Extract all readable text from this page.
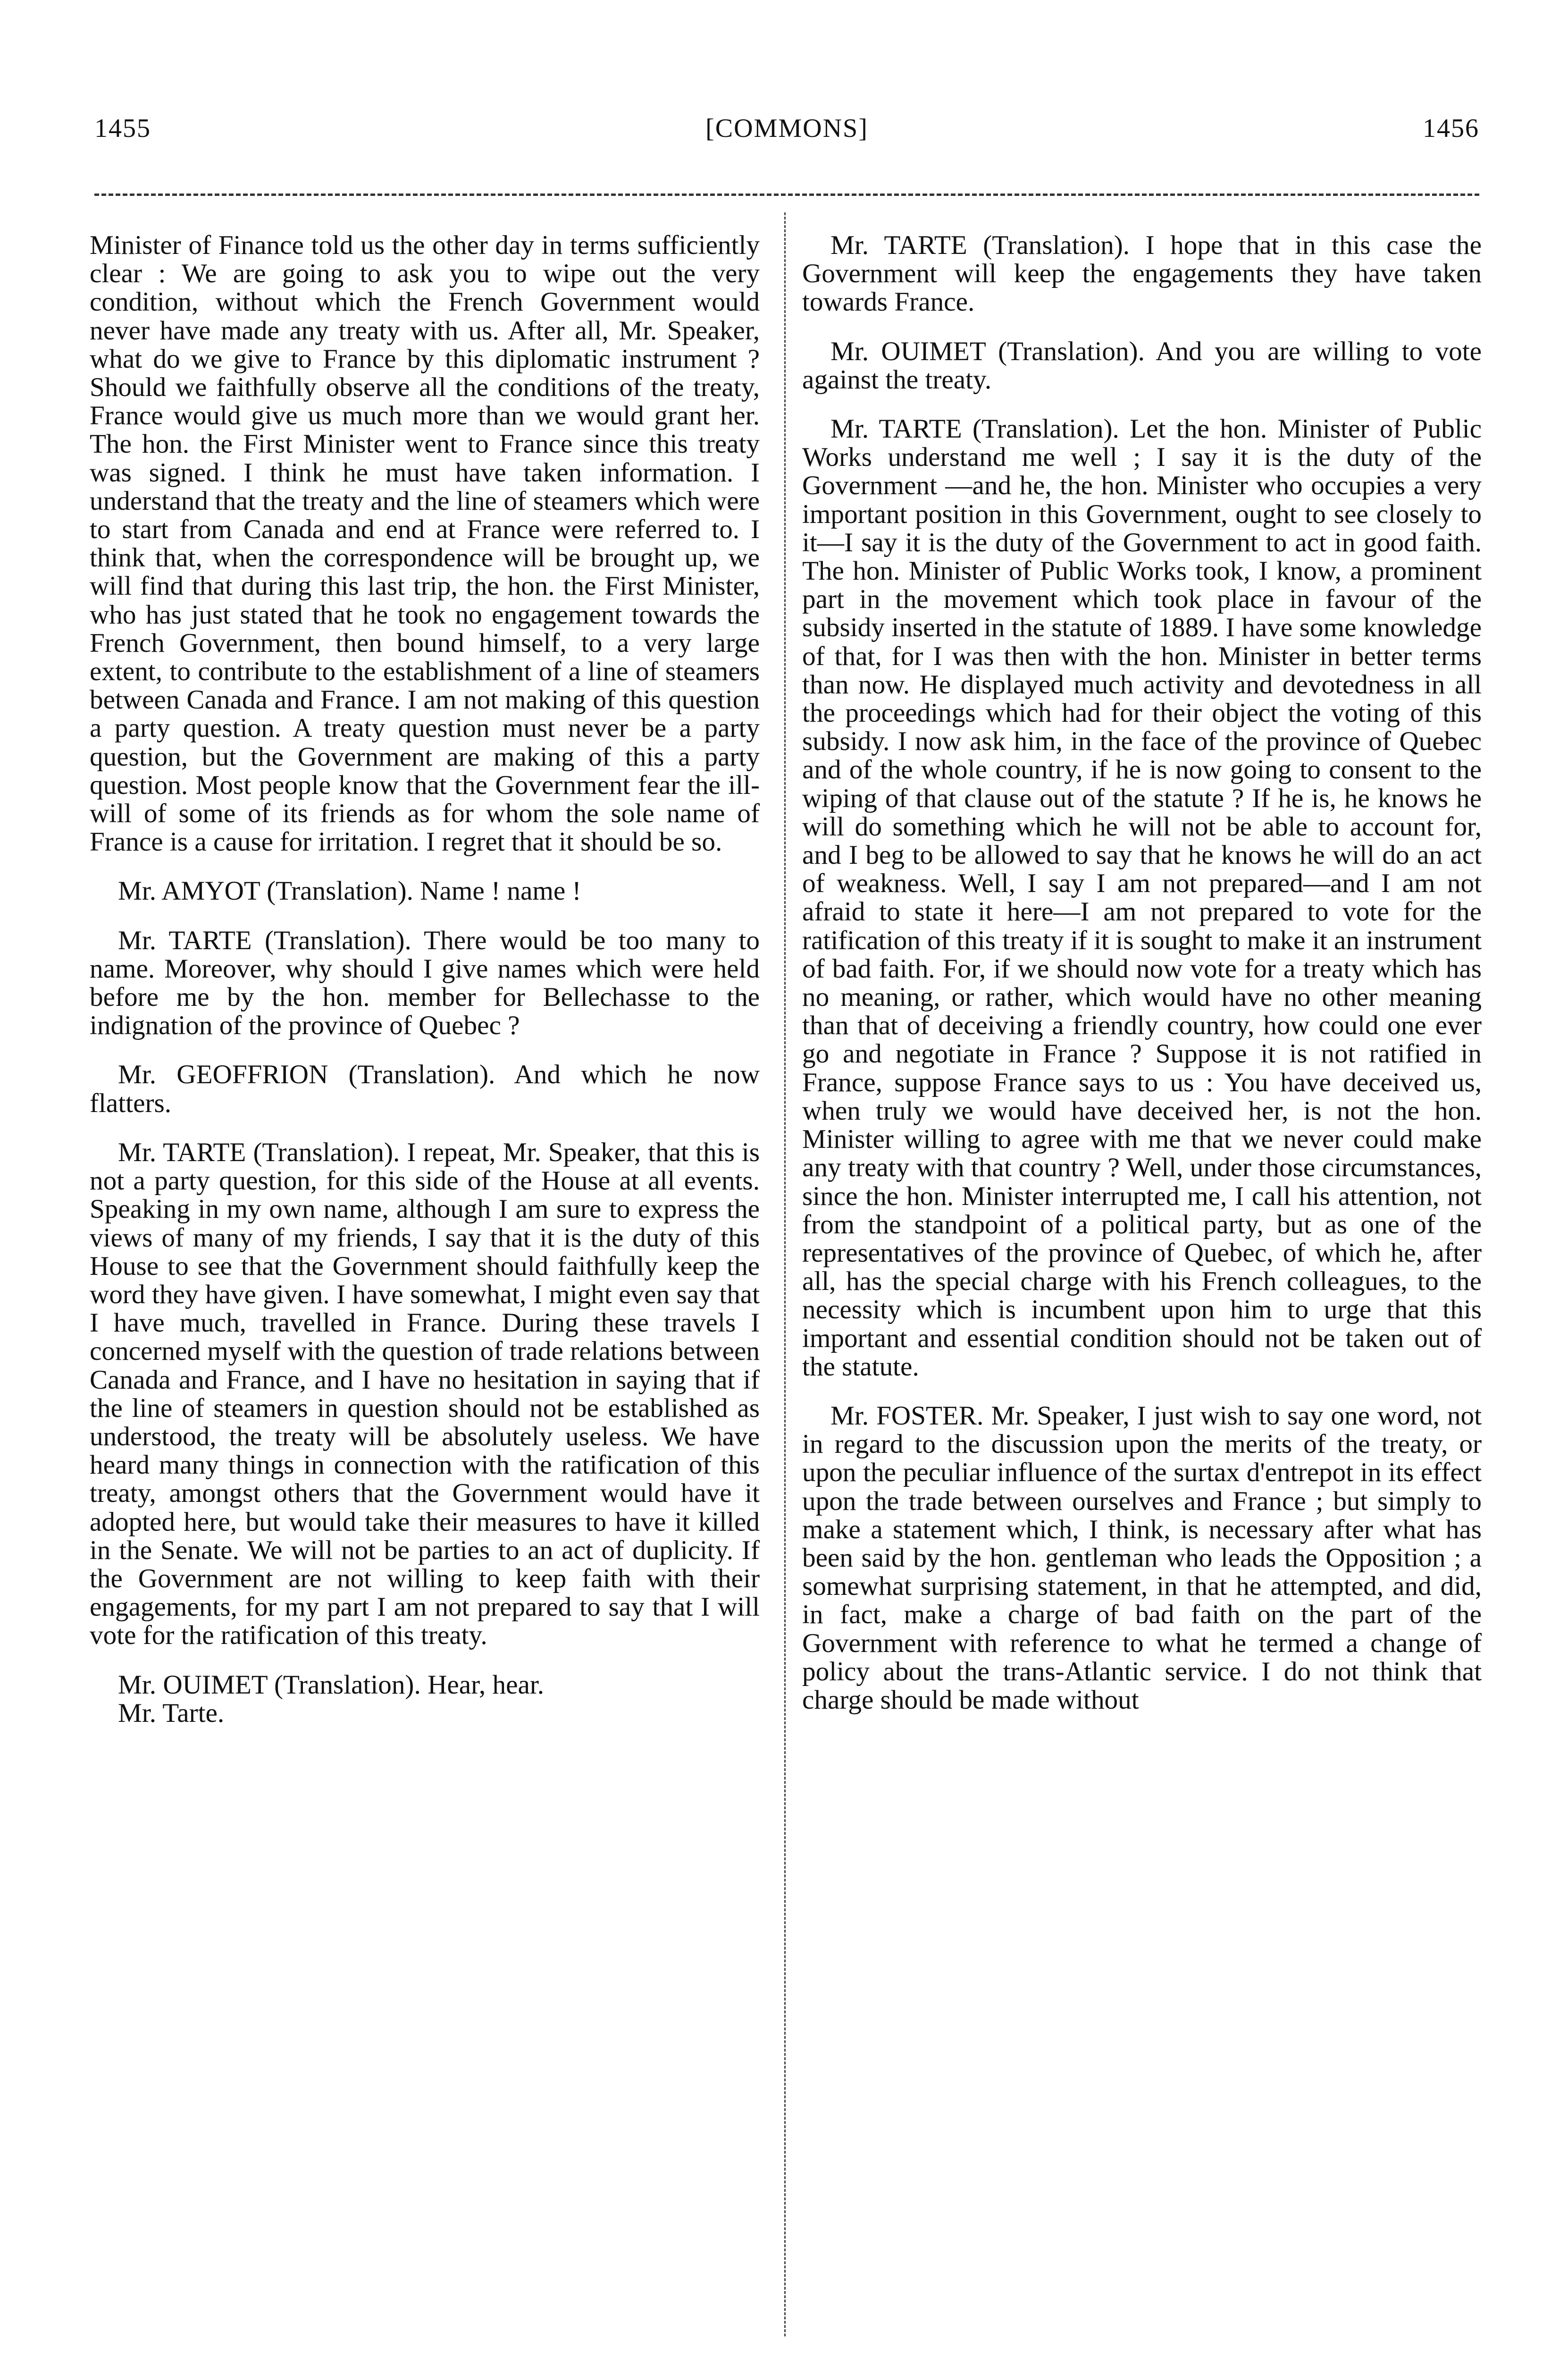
1455	[COMMONS]	1456

Minister of Finance told us the other day in terms sufficiently clear : We are going to ask you to wipe out the very condition, without which the French Government would never have made any treaty with us. After all, Mr. Speaker, what do we give to France by this diplomatic instrument ? Should we faithfully observe all the conditions of the treaty, France would give us much more than we would grant her. The hon. the First Minister went to France since this treaty was signed. I think he must have taken information. I understand that the treaty and the line of steamers which were to start from Canada and end at France were referred to. I think that, when the correspondence will be brought up, we will find that during this last trip, the hon. the First Minister, who has just stated that he took no engagement towards the French Government, then bound himself, to a very large extent, to contribute to the establishment of a line of steamers between Canada and France. I am not making of this question a party question. A treaty question must never be a party question, but the Government are making of this a party question. Most people know that the Government fear the ill-will of some of its friends as for whom the sole name of France is a cause for irritation. I regret that it should be so.

Mr. AMYOT (Translation). Name ! name !

Mr. TARTE (Translation). There would be too many to name. Moreover, why should I give names which were held before me by the hon. member for Bellechasse to the indignation of the province of Quebec ?

Mr. GEOFFRION (Translation). And which he now flatters.

Mr. TARTE (Translation). I repeat, Mr. Speaker, that this is not a party question, for this side of the House at all events. Speaking in my own name, although I am sure to express the views of many of my friends, I say that it is the duty of this House to see that the Government should faithfully keep the word they have given. I have somewhat, I might even say that I have much, travelled in France. During these travels I concerned myself with the question of trade relations between Canada and France, and I have no hesitation in saying that if the line of steamers in question should not be established as understood, the treaty will be absolutely useless. We have heard many things in connection with the ratification of this treaty, amongst others that the Government would have it adopted here, but would take their measures to have it killed in the Senate. We will not be parties to an act of duplicity. If the Government are not willing to keep faith with their engagements, for my part I am not prepared to say that I will vote for the ratification of this treaty.

Mr. OUIMET (Translation). Hear, hear.

Mr. Tarte.

Mr. TARTE (Translation). I hope that in this case the Government will keep the engagements they have taken towards France.

Mr. OUIMET (Translation). And you are willing to vote against the treaty.

Mr. TARTE (Translation). Let the hon. Minister of Public Works understand me well ; I say it is the duty of the Government —and he, the hon. Minister who occupies a very important position in this Government, ought to see closely to it—I say it is the duty of the Government to act in good faith. The hon. Minister of Public Works took, I know, a prominent part in the movement which took place in favour of the subsidy inserted in the statute of 1889. I have some knowledge of that, for I was then with the hon. Minister in better terms than now. He displayed much activity and devotedness in all the proceedings which had for their object the voting of this subsidy. I now ask him, in the face of the province of Quebec and of the whole country, if he is now going to consent to the wiping of that clause out of the statute ? If he is, he knows he will do something which he will not be able to account for, and I beg to be allowed to say that he knows he will do an act of weakness. Well, I say I am not prepared—and I am not afraid to state it here—I am not prepared to vote for the ratification of this treaty if it is sought to make it an instrument of bad faith. For, if we should now vote for a treaty which has no meaning, or rather, which would have no other meaning than that of deceiving a friendly country, how could one ever go and negotiate in France ? Suppose it is not ratified in France, suppose France says to us : You have deceived us, when truly we would have deceived her, is not the hon. Minister willing to agree with me that we never could make any treaty with that country ? Well, under those circumstances, since the hon. Minister interrupted me, I call his attention, not from the standpoint of a political party, but as one of the representatives of the province of Quebec, of which he, after all, has the special charge with his French colleagues, to the necessity which is incumbent upon him to urge that this important and essential condition should not be taken out of the statute.

Mr. FOSTER. Mr. Speaker, I just wish to say one word, not in regard to the discussion upon the merits of the treaty, or upon the peculiar influence of the surtax d'entrepot in its effect upon the trade between ourselves and France ; but simply to make a statement which, I think, is necessary after what has been said by the hon. gentleman who leads the Opposition ; a somewhat surprising statement, in that he attempted, and did, in fact, make a charge of bad faith on the part of the Government with reference to what he termed a change of policy about the trans-Atlantic service. I do not think that charge should be made without
